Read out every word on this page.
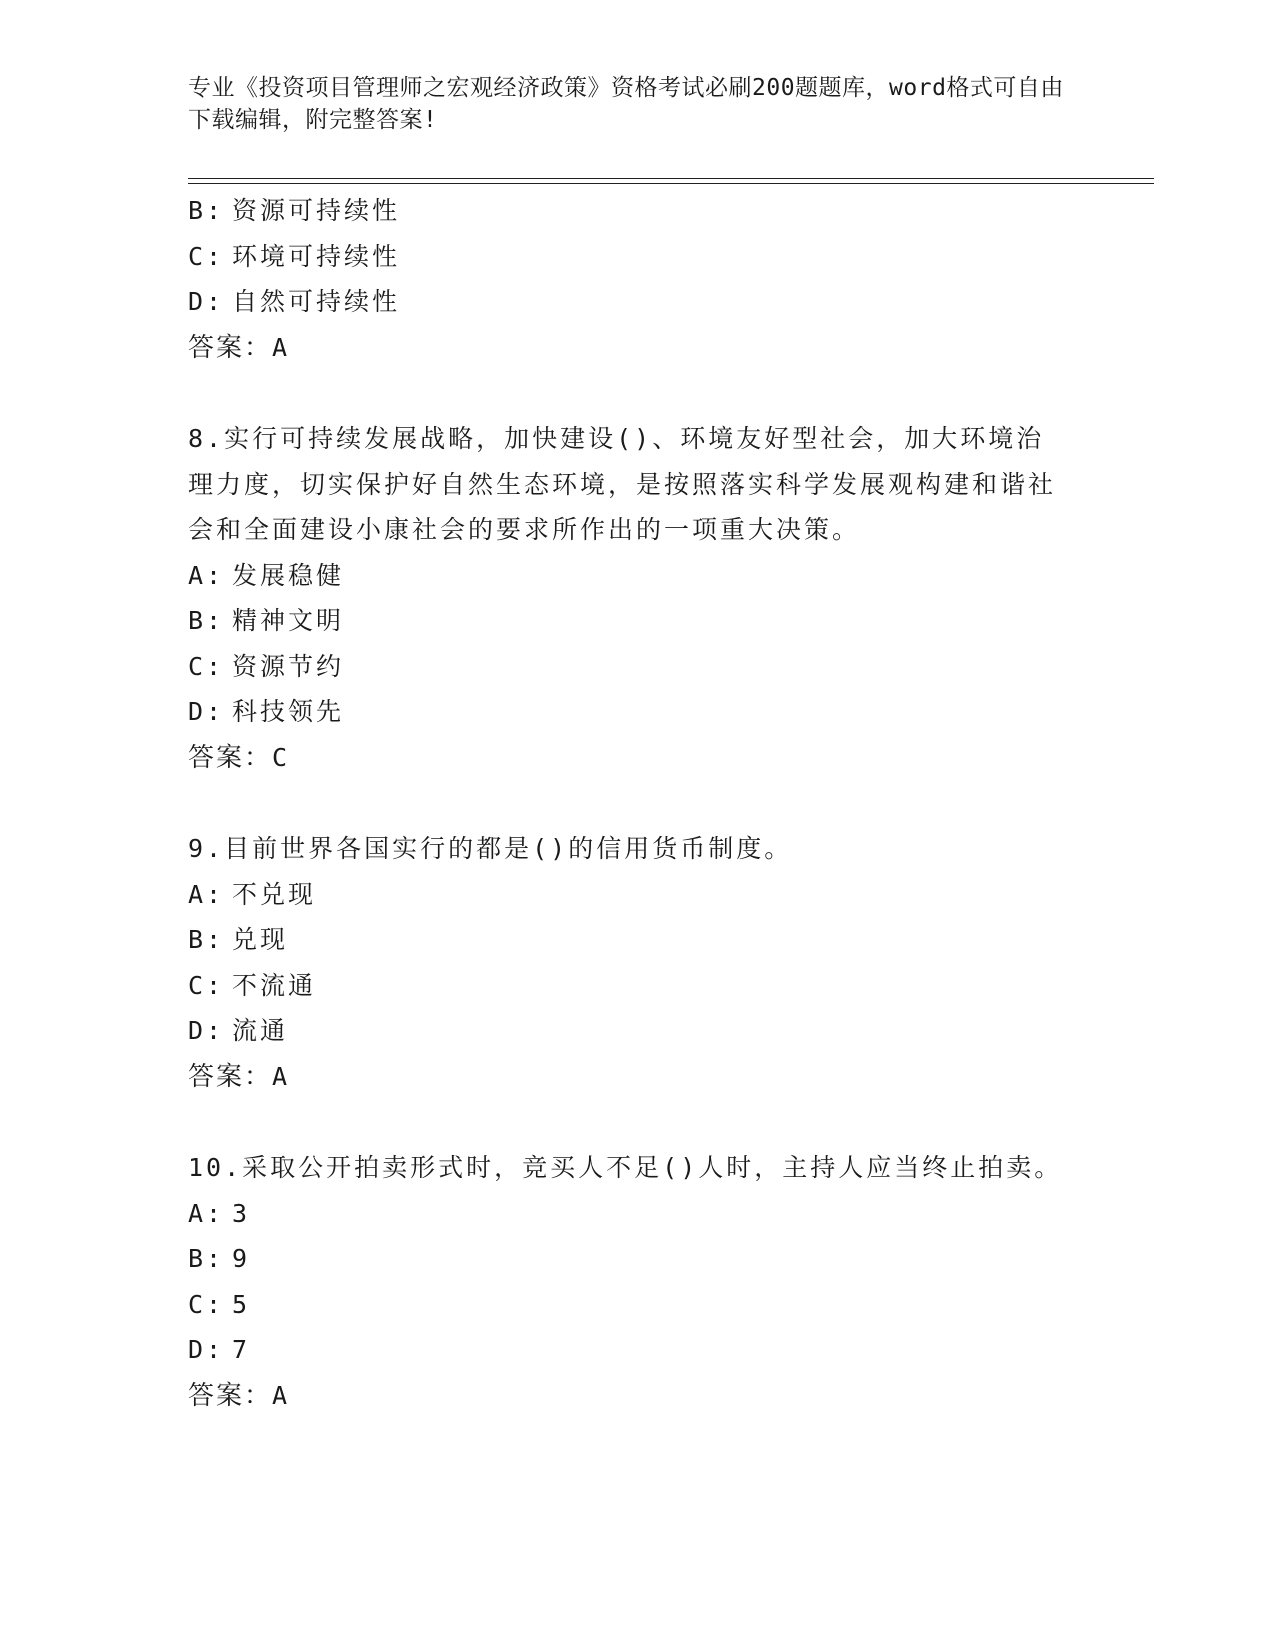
专业《投资项目管理师之宏观经济政策》资格考试必刷200题题库，word格式可自由下载编辑，附完整答案!
B: 资源可持续性
C: 环境可持续性
D: 自然可持续性
答案：A
8.实行可持续发展战略，加快建设()、环境友好型社会，加大环境治理力度，切实保护好自然生态环境，是按照落实科学发展观构建和谐社会和全面建设小康社会的要求所作出的一项重大决策。
A: 发展稳健
B: 精神文明
C: 资源节约
D: 科技领先
答案：C
9.目前世界各国实行的都是()的信用货币制度。
A: 不兑现
B: 兑现
C: 不流通
D: 流通
答案：A
10.采取公开拍卖形式时，竞买人不足()人时，主持人应当终止拍卖。
A: 3
B: 9
C: 5
D: 7
答案：A
